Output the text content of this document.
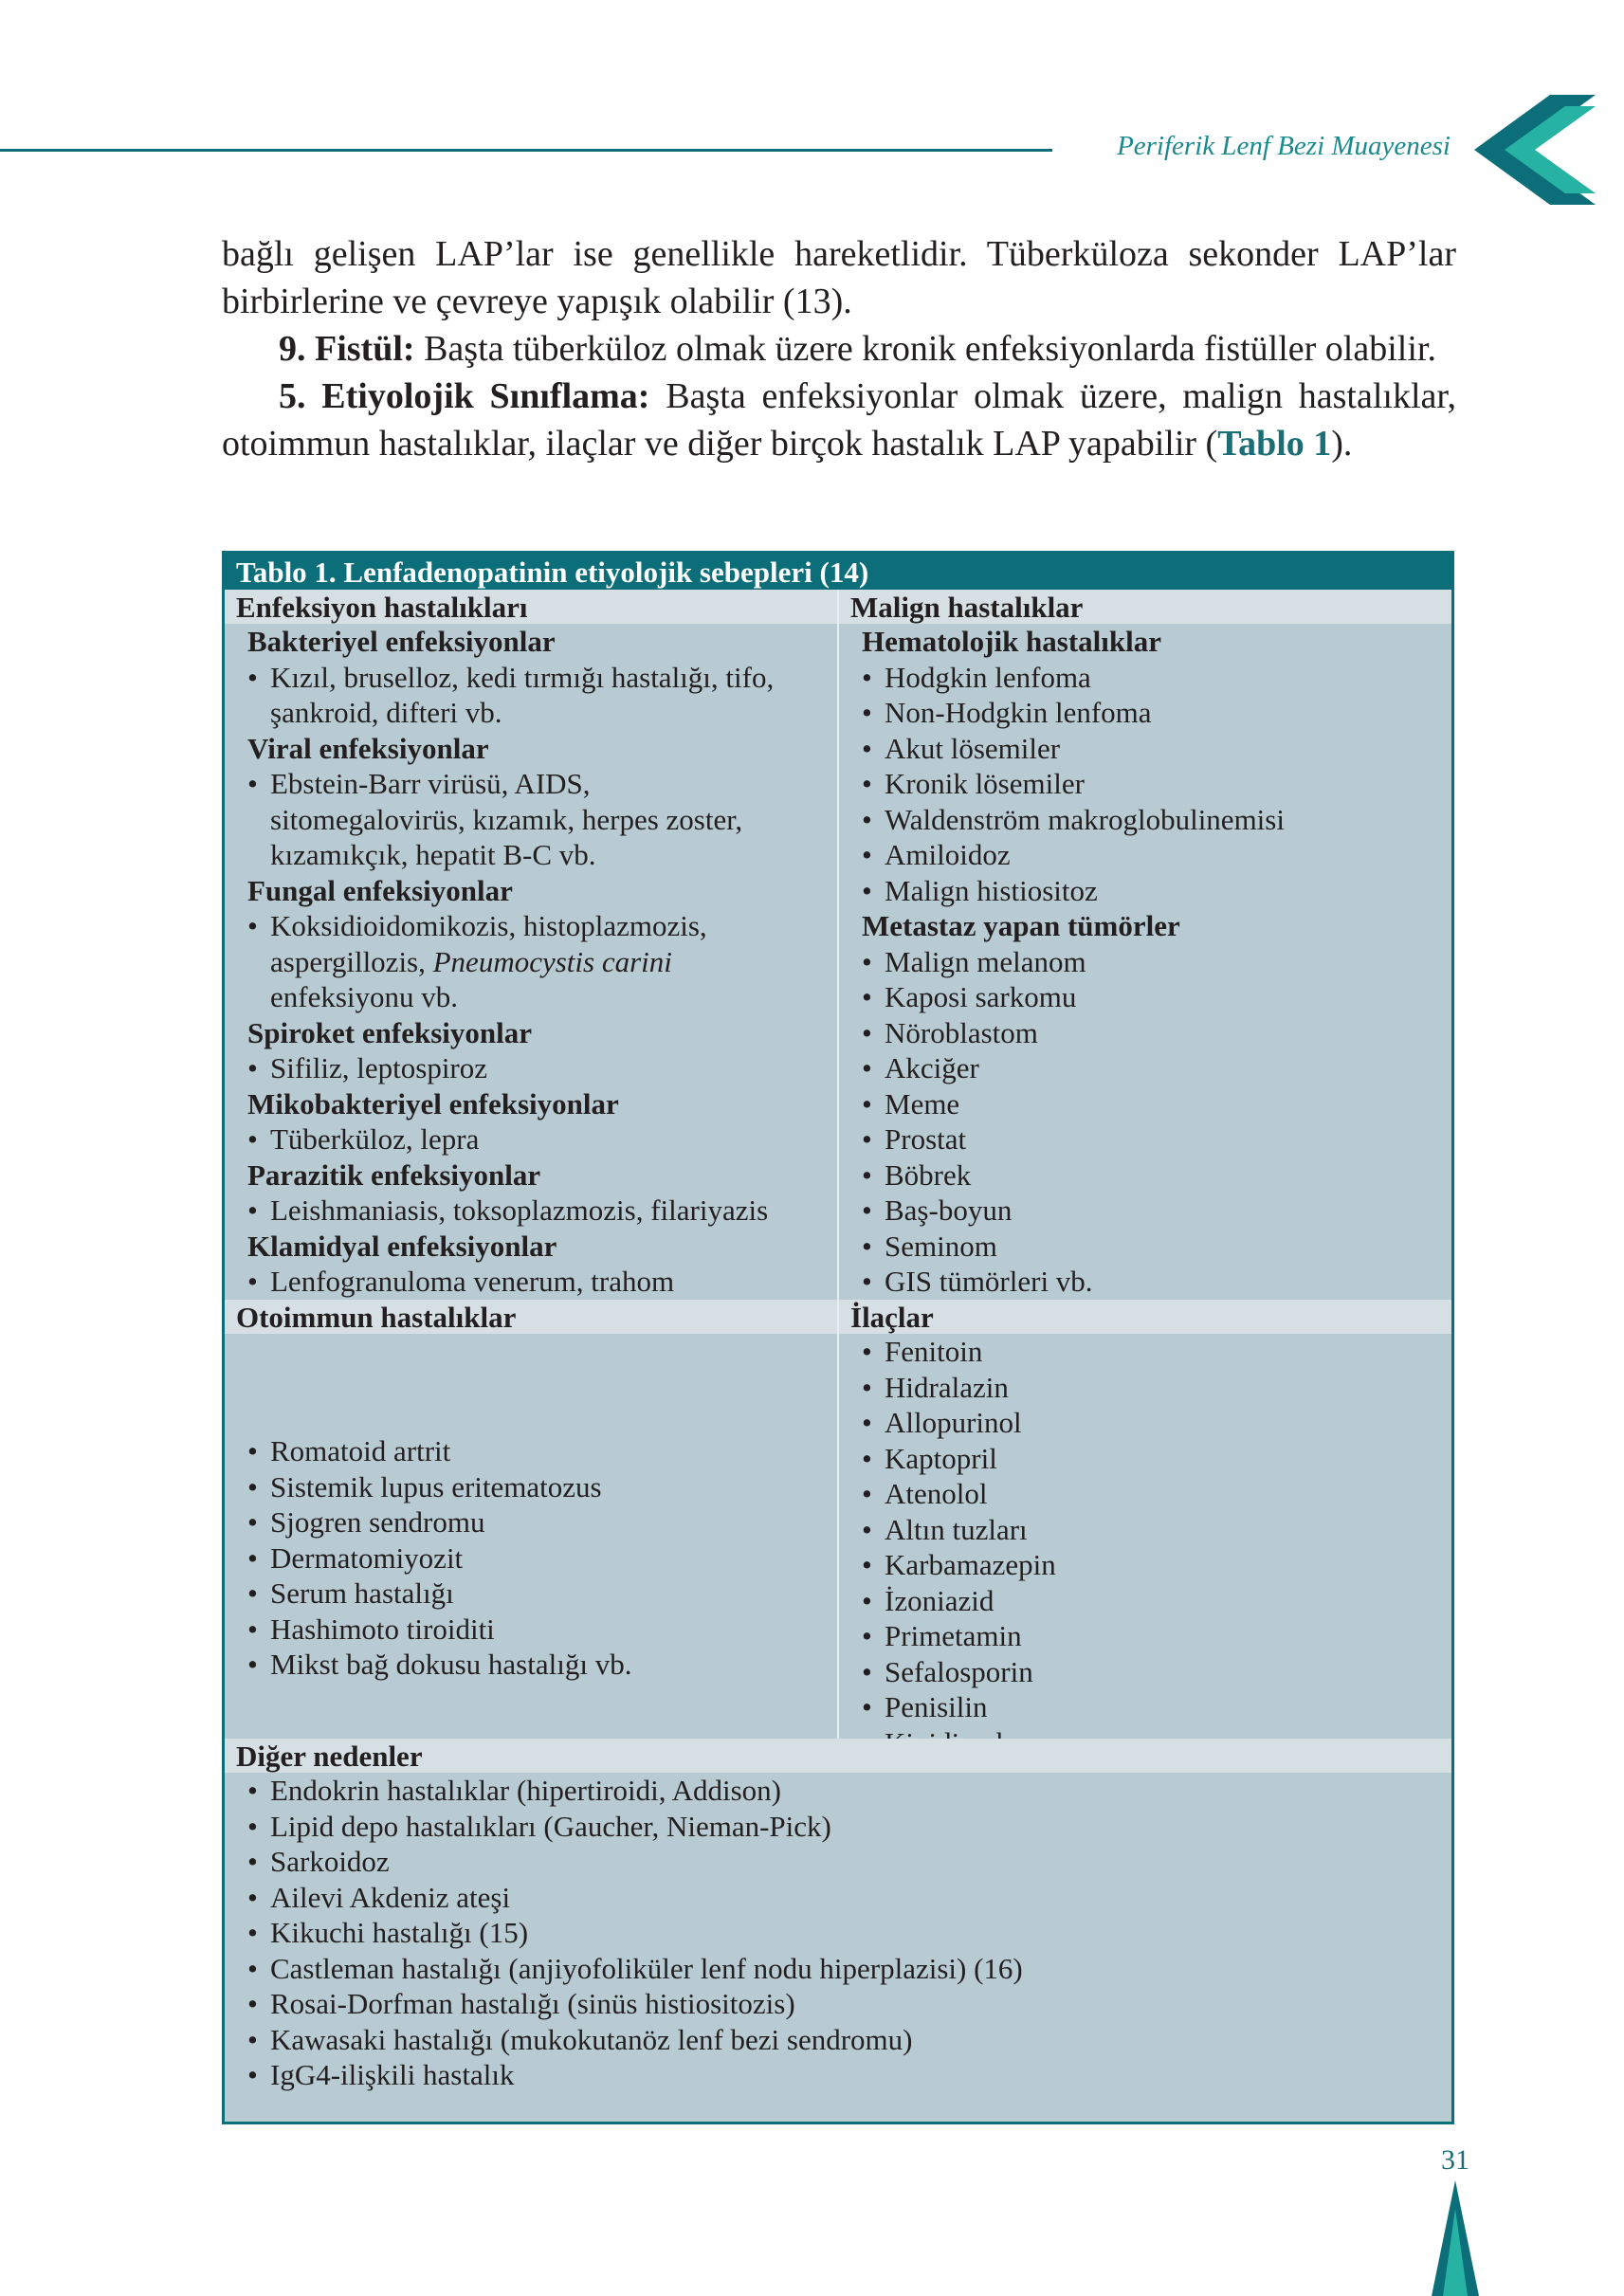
Periferik Lenf Bezi Muayenesi

bağlı gelişen LAP’lar ise genellikle hareketlidir. Tüberküloza sekonder LAP’lar birbirlerine ve çevreye yapışık olabilir (13).

9. Fistül: Başta tüberküloz olmak üzere kronik enfeksiyonlarda fistüller olabilir.

5. Etiyolojik Sınıflama: Başta enfeksiyonlar olmak üzere, malign hastalıklar, otoimmun hastalıklar, ilaçlar ve diğer birçok hastalık LAP yapabilir (Tablo 1).

Tablo 1. Lenfadenopatinin etiyolojik sebepleri (14)
Enfeksiyon hastalıkları	Malign hastalıklar
Bakteriyel enfeksiyonlar
• Kızıl, bruselloz, kedi tırmığı hastalığı, tifo,
şankroid, difteri vb.
Viral enfeksiyonlar
• Ebstein-Barr virüsü, AIDS,
sitomegalovirüs, kızamık, herpes zoster,
kızamıkçık, hepatit B-C vb.
Fungal enfeksiyonlar
• Koksidioidomikozis, histoplazmozis,
aspergillozis, Pneumocystis carini
enfeksiyonu vb.
Spiroket enfeksiyonlar
• Sifiliz, leptospiroz
Mikobakteriyel enfeksiyonlar
• Tüberküloz, lepra
Parazitik enfeksiyonlar
• Leishmaniasis, toksoplazmozis, filariyazis
Klamidyal enfeksiyonlar
• Lenfogranuloma venerum, trahom
Hematolojik hastalıklar
• Hodgkin lenfoma
• Non-Hodgkin lenfoma
• Akut lösemiler
• Kronik lösemiler
• Waldenström makroglobulinemisi
• Amiloidoz
• Malign histiositoz
Metastaz yapan tümörler
• Malign melanom
• Kaposi sarkomu
• Nöroblastom
• Akciğer
• Meme
• Prostat
• Böbrek
• Baş-boyun
• Seminom
• GIS tümörleri vb.
Otoimmun hastalıklar	İlaçlar
• Romatoid artrit
• Sistemik lupus eritematozus
• Sjogren sendromu
• Dermatomiyozit
• Serum hastalığı
• Hashimoto tiroiditi
• Mikst bağ dokusu hastalığı vb.
• Fenitoin
• Hidralazin
• Allopurinol
• Kaptopril
• Atenolol
• Altın tuzları
• Karbamazepin
• İzoniazid
• Primetamin
• Sefalosporin
• Penisilin
•
Diğer nedenler
• Endokrin hastalıklar (hipertiroidi, Addison)
• Lipid depo hastalıkları (Gaucher, Nieman-Pick)
• Sarkoidoz
• Ailevi Akdeniz ateşi
• Kikuchi hastalığı (15)
• Castleman hastalığı (anjiyofoliküler lenf nodu hiperplazisi) (16)
• Rosai-Dorfman hastalığı (sinüs histiositozis)
• Kawasaki hastalığı (mukokutanöz lenf bezi sendromu)
• IgG4-ilişkili hastalık
31
